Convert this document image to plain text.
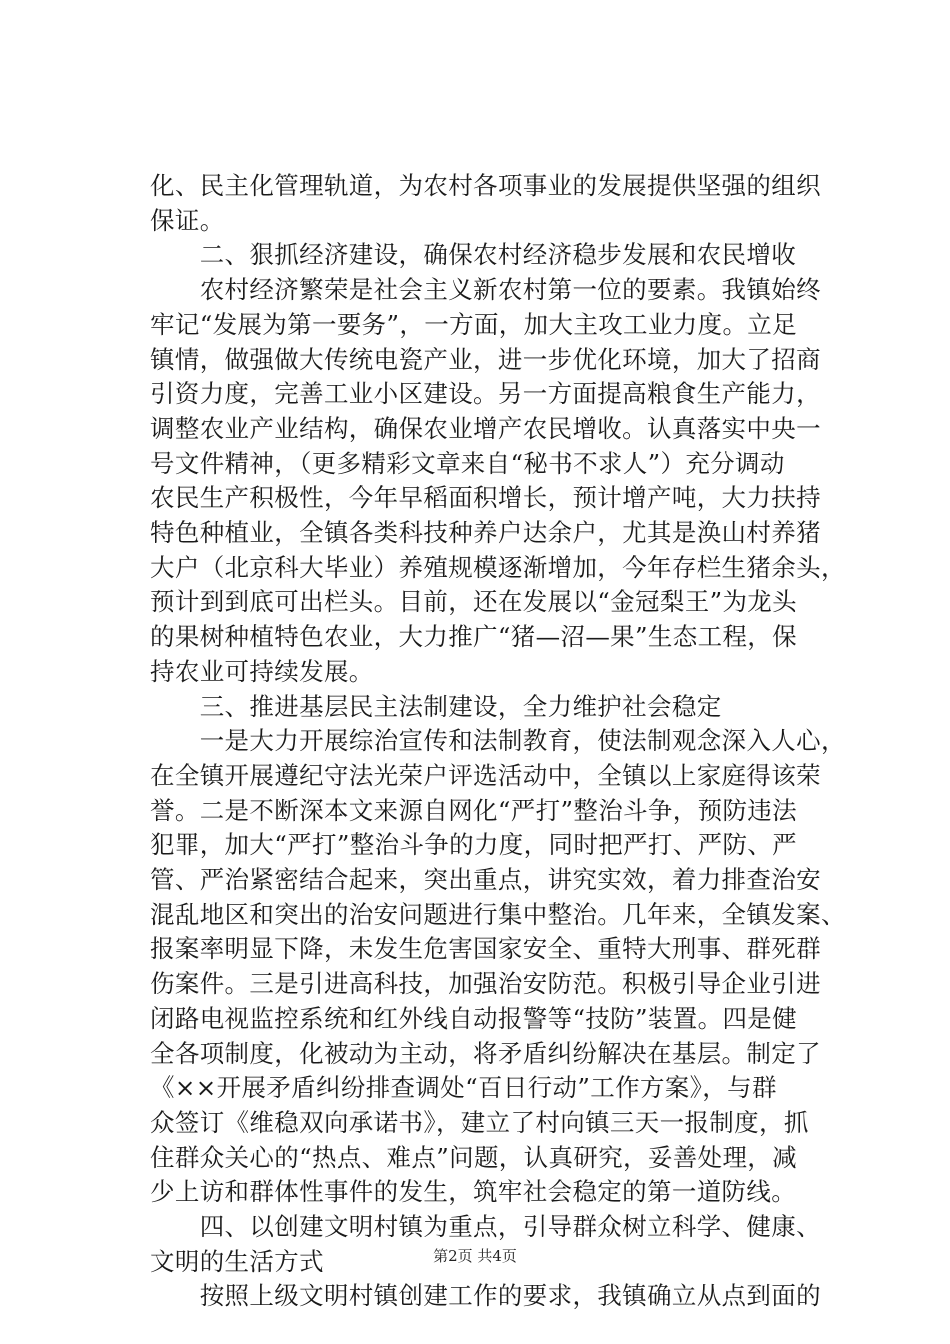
化、民主化管理轨道，为农村各项事业的发展提供坚强的组织
保证。
　　二、狠抓经济建设，确保农村经济稳步发展和农民增收
　　农村经济繁荣是社会主义新农村第一位的要素。我镇始终
牢记“发展为第一要务”，一方面，加大主攻工业力度。立足
镇情，做强做大传统电瓷产业，进一步优化环境，加大了招商
引资力度，完善工业小区建设。另一方面提高粮食生产能力，
调整农业产业结构，确保农业增产农民增收。认真落实中央一
号文件精神，（更多精彩文章来自“秘书不求人”）充分调动
农民生产积极性，今年早稻面积增长，预计增产吨，大力扶持
特色种植业，全镇各类科技种养户达余户，尤其是涣山村养猪
大户（北京科大毕业）养殖规模逐渐增加，今年存栏生猪余头，
预计到到底可出栏头。目前，还在发展以“金冠梨王”为龙头
的果树种植特色农业，大力推广“猪—沼—果”生态工程，保
持农业可持续发展。
　　三、推进基层民主法制建设，全力维护社会稳定
　　一是大力开展综治宣传和法制教育，使法制观念深入人心，
在全镇开展遵纪守法光荣户评选活动中，全镇以上家庭得该荣
誉。二是不断深本文来源自网化“严打”整治斗争，预防违法
犯罪，加大“严打”整治斗争的力度，同时把严打、严防、严
管、严治紧密结合起来，突出重点，讲究实效，着力排查治安
混乱地区和突出的治安问题进行集中整治。几年来，全镇发案、
报案率明显下降，未发生危害国家安全、重特大刑事、群死群
伤案件。三是引进高科技，加强治安防范。积极引导企业引进
闭路电视监控系统和红外线自动报警等“技防”装置。四是健
全各项制度，化被动为主动，将矛盾纠纷解决在基层。制定了
《××开展矛盾纠纷排查调处“百日行动”工作方案》，与群
众签订《维稳双向承诺书》，建立了村向镇三天一报制度，抓
住群众关心的“热点、难点”问题，认真研究，妥善处理，减
少上访和群体性事件的发生，筑牢社会稳定的第一道防线。
　　四、以创建文明村镇为重点，引导群众树立科学、健康、
文明的生活方式
　　按照上级文明村镇创建工作的要求，我镇确立从点到面的
第2页 共4页
